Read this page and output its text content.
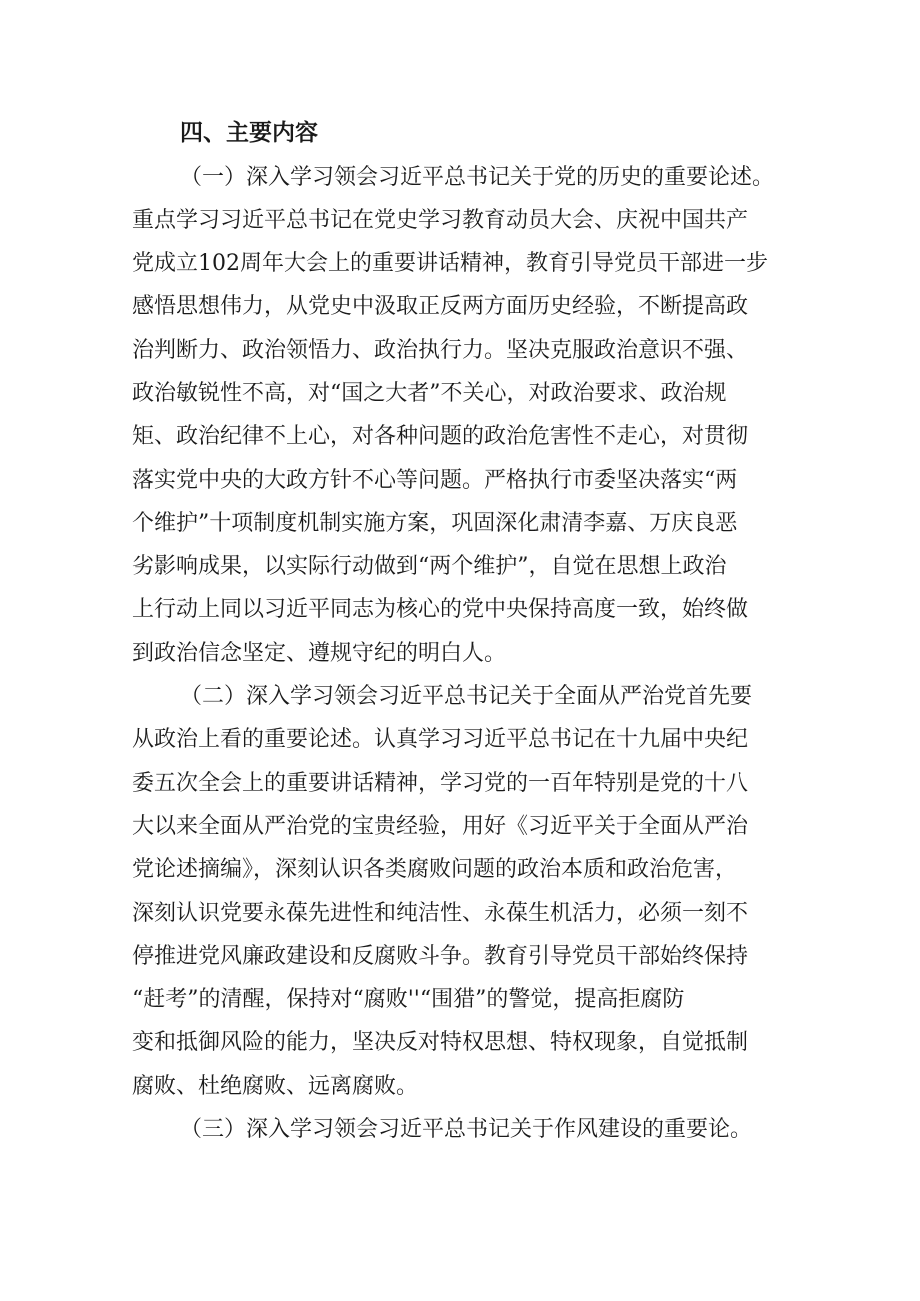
四、主要内容
（一）深入学习领会习近平总书记关于党的历史的重要论述。
重点学习习近平总书记在党史学习教育动员大会、庆祝中国共产
党成立102周年大会上的重要讲话精神，教育引导党员干部进一步
感悟思想伟力，从党史中汲取正反两方面历史经验，不断提高政
治判断力、政治领悟力、政治执行力。坚决克服政治意识不强、
政治敏锐性不高，对“国之大者”不关心，对政治要求、政治规
矩、政治纪律不上心，对各种问题的政治危害性不走心，对贯彻
落实党中央的大政方针不心等问题。严格执行市委坚决落实“两
个维护”十项制度机制实施方案，巩固深化肃清李嘉、万庆良恶
劣影响成果，以实际行动做到“两个维护”，自觉在思想上政治
上行动上同以习近平同志为核心的党中央保持高度一致，始终做
到政治信念坚定、遵规守纪的明白人。
（二）深入学习领会习近平总书记关于全面从严治党首先要
从政治上看的重要论述。认真学习习近平总书记在十九届中央纪
委五次全会上的重要讲话精神，学习党的一百年特别是党的十八
大以来全面从严治党的宝贵经验，用好《习近平关于全面从严治
党论述摘编》，深刻认识各类腐败问题的政治本质和政治危害，
深刻认识党要永葆先进性和纯洁性、永葆生机活力，必须一刻不
停推进党风廉政建设和反腐败斗争。教育引导党员干部始终保持
“赶考”的清醒，保持对“腐败''“围猎”的警觉，提高拒腐防
变和抵御风险的能力，坚决反对特权思想、特权现象，自觉抵制
腐败、杜绝腐败、远离腐败。
（三）深入学习领会习近平总书记关于作风建设的重要论。
